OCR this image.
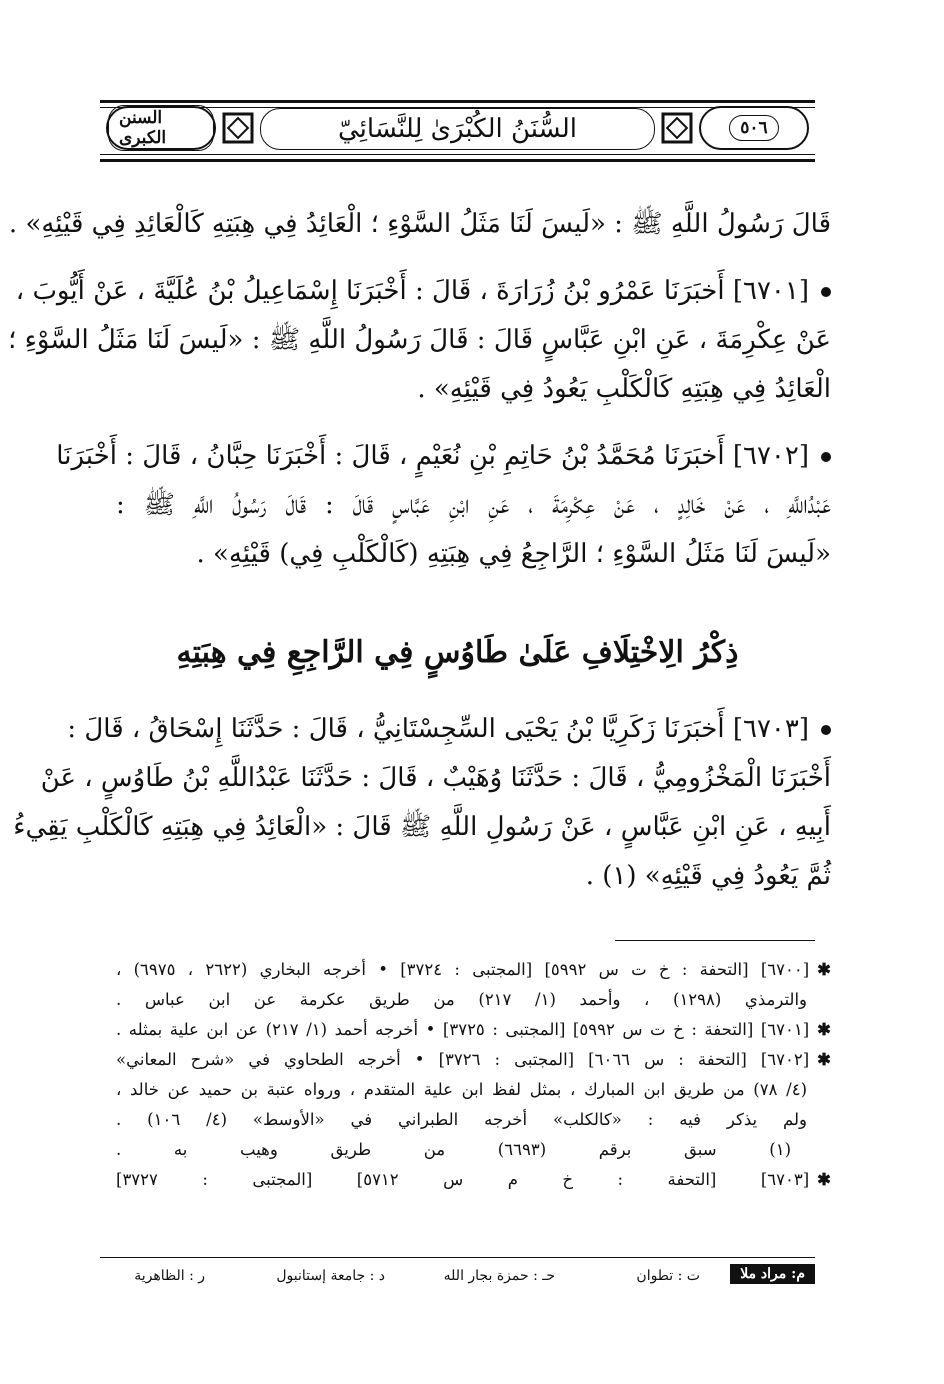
السنن الكبرى	السُّنَنُ الكُبْرَىٰ لِلنَّسَائِيّ	٥٠٦
قَالَ رَسُولُ اللَّهِ ﷺ : «لَيسَ لَنَا مَثَلُ السَّوْءِ ؛ الْعَائِدُ فِي هِبَتِهِ كَالْعَائِدِ فِي قَيْئِهِ» .
[٦٧٠١] أَخبَرَنَا عَمْرُو بْنُ زُرَارَةَ ، قَالَ : أَخْبَرَنَا إِسْمَاعِيلُ بْنُ عُلَيَّةَ ، عَنْ أَيُّوبَ ،
عَنْ عِكْرِمَةَ ، عَنِ ابْنِ عَبَّاسٍ قَالَ : قَالَ رَسُولُ اللَّهِ ﷺ : «لَيسَ لَنَا مَثَلُ السَّوْءِ ؛
الْعَائِدُ فِي هِبَتِهِ كَالْكَلْبِ يَعُودُ فِي قَيْئِهِ» .
[٦٧٠٢] أَخبَرَنَا مُحَمَّدُ بْنُ حَاتِمِ بْنِ نُعَيْمٍ ، قَالَ : أَخْبَرَنَا حِبَّانُ ، قَالَ : أَخْبَرَنَا
عَبْدُاللَّهِ ، عَنْ خَالِدٍ ، عَنْ عِكْرِمَةَ ، عَنِ ابْنِ عَبَّاسٍ قَالَ : قَالَ رَسُولُ اللَّهِ ﷺ :
«لَيسَ لَنَا مَثَلُ السَّوْءِ ؛ الرَّاجِعُ فِي هِبَتِهِ (كَالْكَلْبِ فِي) قَيْئِهِ» .
ذِكْرُ الِاخْتِلَافِ عَلَىٰ طَاوُسٍ فِي الرَّاجِعِ فِي هِبَتِهِ
[٦٧٠٣] أَخبَرَنَا زَكَرِيَّا بْنُ يَحْيَى السِّجِسْتَانِيُّ ، قَالَ : حَدَّثَنَا إِسْحَاقُ ، قَالَ :
أَخْبَرَنَا الْمَخْزُومِيُّ ، قَالَ : حَدَّثَنَا وُهَيْبٌ ، قَالَ : حَدَّثَنَا عَبْدُاللَّهِ بْنُ طَاوُسٍ ، عَنْ
أَبِيهِ ، عَنِ ابْنِ عَبَّاسٍ ، عَنْ رَسُولِ اللَّهِ ﷺ قَالَ : «الْعَائِدُ فِي هِبَتِهِ كَالْكَلْبِ يَقِيءُ
ثُمَّ يَعُودُ فِي قَيْئِهِ» (١) .
✱[٦٧٠٠] [التحفة : خ ت س ٥٩٩٢] [المجتبى : ٣٧٢٤] • أخرجه البخاري (٢٦٢٢ ، ٦٩٧٥) ،
والترمذي (١٢٩٨) ، وأحمد (١/ ٢١٧) من طريق عكرمة عن ابن عباس .
✱[٦٧٠١] [التحفة : خ ت س ٥٩٩٢] [المجتبى : ٣٧٢٥] • أخرجه أحمد (١/ ٢١٧) عن ابن علية بمثله .
✱[٦٧٠٢] [التحفة : س ٦٠٦٦] [المجتبى : ٣٧٢٦] • أخرجه الطحاوي في «شرح المعاني»
(٤/ ٧٨) من طريق ابن المبارك ، بمثل لفظ ابن علية المتقدم ، ورواه عتبة بن حميد عن خالد ،
ولم يذكر فيه : «كالكلب» أخرجه الطبراني في «الأوسط» (٤/ ١٠٦) .
(١) سبق برقم (٦٦٩٣) من طريق وهيب به .
✱[٦٧٠٣] [التحفة : خ م س ٥٧١٢] [المجتبى : ٣٧٢٧]
م: مراد ملا
ت : تطوان
حـ : حمزة بجار الله
د : جامعة إستانبول
ر : الظاهرية
